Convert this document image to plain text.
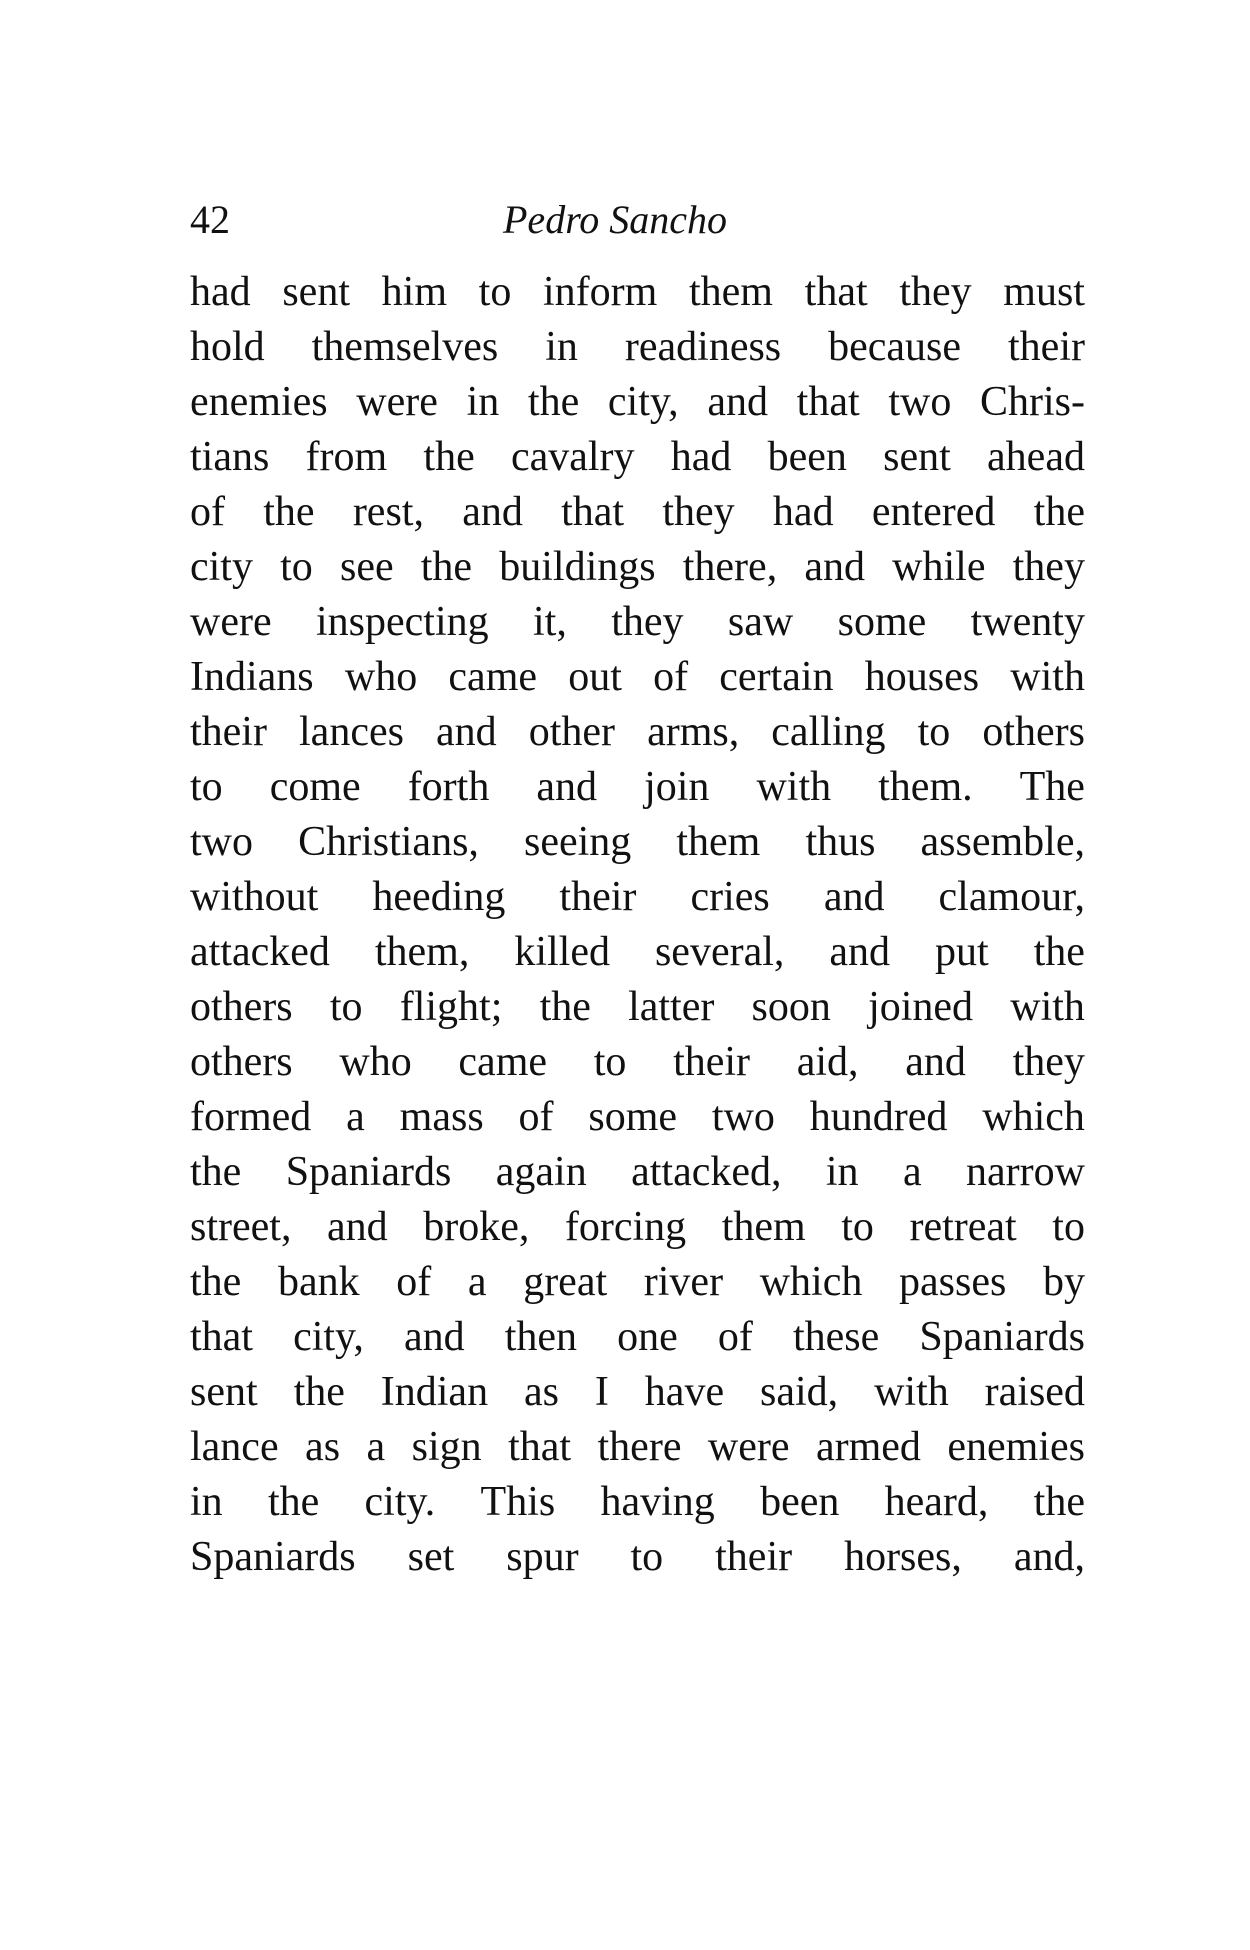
42	Pedro Sancho
had sent him to inform them that they must
hold themselves in readiness because their
enemies were in the city, and that two Chris-
tians from the cavalry had been sent ahead
of the rest, and that they had entered the
city to see the buildings there, and while they
were inspecting it, they saw some twenty
Indians who came out of certain houses with
their lances and other arms, calling to others
to come forth and join with them. The
two Christians, seeing them thus assemble,
without heeding their cries and clamour,
attacked them, killed several, and put the
others to flight; the latter soon joined with
others who came to their aid, and they
formed a mass of some two hundred which
the Spaniards again attacked, in a narrow
street, and broke, forcing them to retreat to
the bank of a great river which passes by
that city, and then one of these Spaniards
sent the Indian as I have said, with raised
lance as a sign that there were armed enemies
in the city. This having been heard, the
Spaniards set spur to their horses, and,
